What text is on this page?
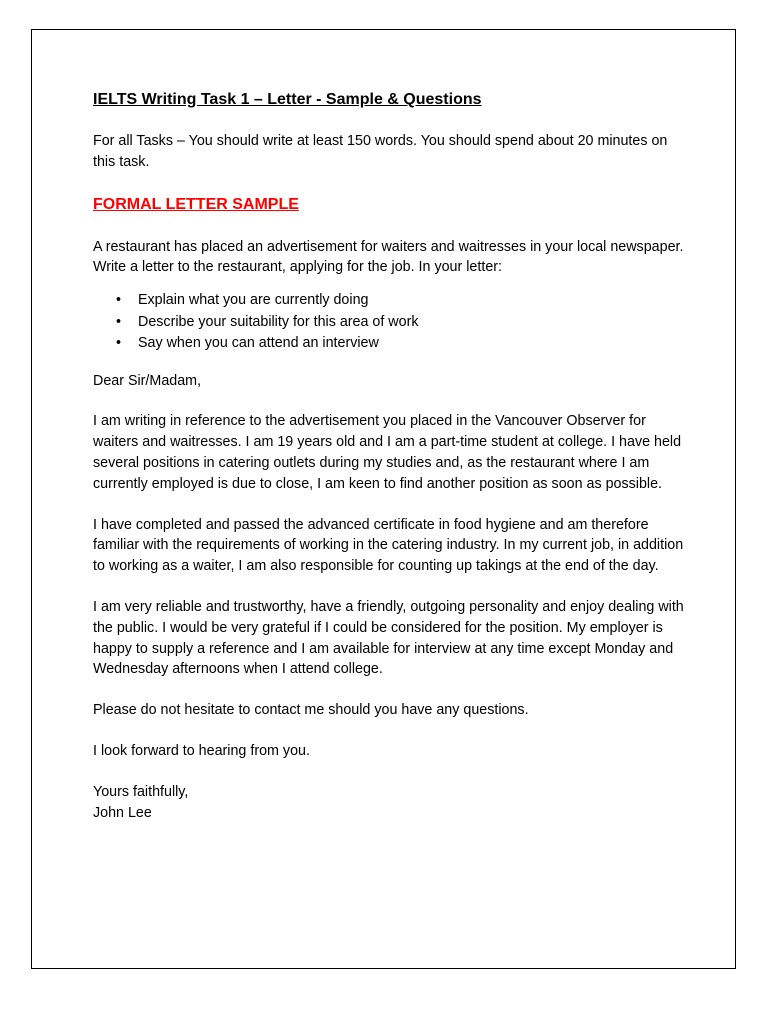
IELTS Writing Task 1 – Letter - Sample & Questions

For all Tasks – You should write at least 150 words. You should spend about 20 minutes on this task.

FORMAL LETTER SAMPLE

A restaurant has placed an advertisement for waiters and waitresses in your local newspaper. Write a letter to the restaurant, applying for the job. In your letter:

• Explain what you are currently doing
• Describe your suitability for this area of work
• Say when you can attend an interview

Dear Sir/Madam,

I am writing in reference to the advertisement you placed in the Vancouver Observer for waiters and waitresses. I am 19 years old and I am a part-time student at college. I have held several positions in catering outlets during my studies and, as the restaurant where I am currently employed is due to close, I am keen to find another position as soon as possible.

I have completed and passed the advanced certificate in food hygiene and am therefore familiar with the requirements of working in the catering industry. In my current job, in addition to working as a waiter, I am also responsible for counting up takings at the end of the day.

I am very reliable and trustworthy, have a friendly, outgoing personality and enjoy dealing with the public. I would be very grateful if I could be considered for the position. My employer is happy to supply a reference and I am available for interview at any time except Monday and Wednesday afternoons when I attend college.

Please do not hesitate to contact me should you have any questions.

I look forward to hearing from you.

Yours faithfully,

John Lee
